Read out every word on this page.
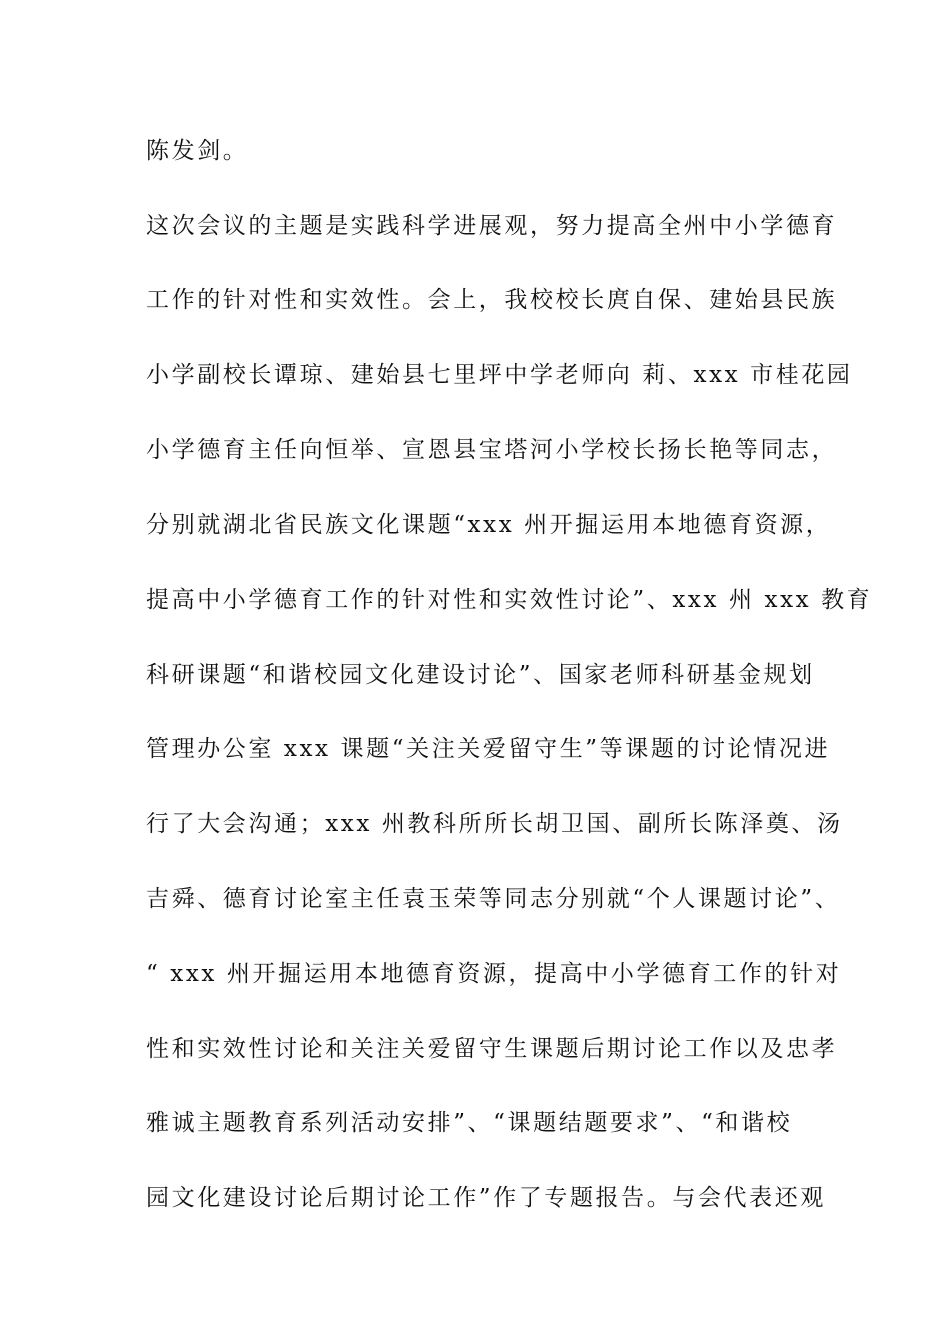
陈发剑。
这次会议的主题是实践科学进展观，努力提高全州中小学德育
工作的针对性和实效性。会上，我校校长庹自保、建始县民族
小学副校长谭琼、建始县七里坪中学老师向 莉、xxx 市桂花园
小学德育主任向恒举、宣恩县宝塔河小学校长扬长艳等同志，
分别就湖北省民族文化课题“xxx 州开掘运用本地德育资源，
提高中小学德育工作的针对性和实效性讨论”、xxx 州 xxx 教育
科研课题“和谐校园文化建设讨论”、国家老师科研基金规划
管理办公室 xxx 课题“关注关爱留守生”等课题的讨论情况进
行了大会沟通；xxx 州教科所所长胡卫国、副所长陈泽奠、汤
吉舜、德育讨论室主任袁玉荣等同志分别就“个人课题讨论”、
“ xxx 州开掘运用本地德育资源，提高中小学德育工作的针对
性和实效性讨论和关注关爱留守生课题后期讨论工作以及忠孝
雅诚主题教育系列活动安排”、“课题结题要求”、“和谐校
园文化建设讨论后期讨论工作”作了专题报告。与会代表还观
